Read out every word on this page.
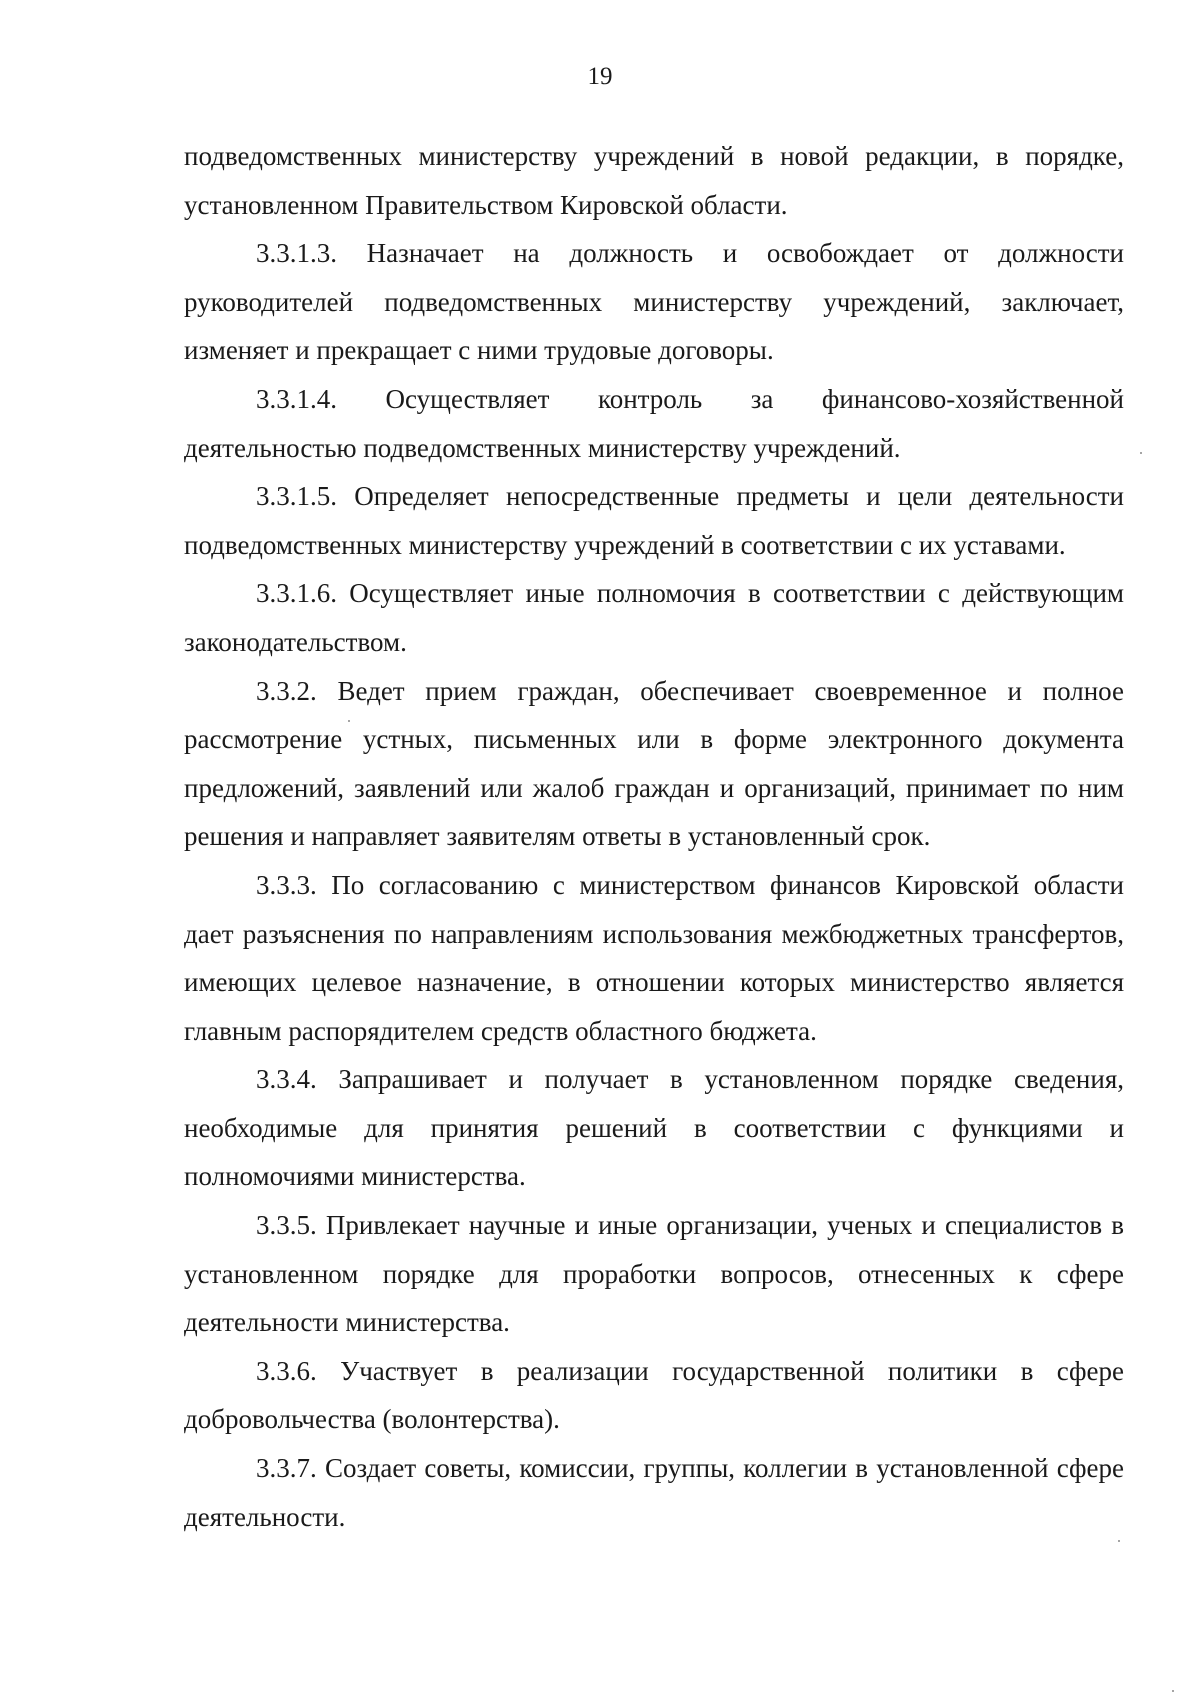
19

подведомственных министерству учреждений в новой редакции, в порядке, установленном Правительством Кировской области.

3.3.1.3. Назначает на должность и освобождает от должности руководителей подведомственных министерству учреждений, заключает, изменяет и прекращает с ними трудовые договоры.

3.3.1.4. Осуществляет контроль за финансово-хозяйственной деятельностью подведомственных министерству учреждений.

3.3.1.5. Определяет непосредственные предметы и цели деятельности подведомственных министерству учреждений в соответствии с их уставами.

3.3.1.6. Осуществляет иные полномочия в соответствии с действующим законодательством.

3.3.2. Ведет прием граждан, обеспечивает своевременное и полное рассмотрение устных, письменных или в форме электронного документа предложений, заявлений или жалоб граждан и организаций, принимает по ним решения и направляет заявителям ответы в установленный срок.

3.3.3. По согласованию с министерством финансов Кировской области дает разъяснения по направлениям использования межбюджетных трансфертов, имеющих целевое назначение, в отношении которых министерство является главным распорядителем средств областного бюджета.

3.3.4. Запрашивает и получает в установленном порядке сведения, необходимые для принятия решений в соответствии с функциями и полномочиями министерства.

3.3.5. Привлекает научные и иные организации, ученых и специалистов в установленном порядке для проработки вопросов, отнесенных к сфере деятельности министерства.

3.3.6. Участвует в реализации государственной политики в сфере добровольчества (волонтерства).

3.3.7. Создает советы, комиссии, группы, коллегии в установленной сфере деятельности.
